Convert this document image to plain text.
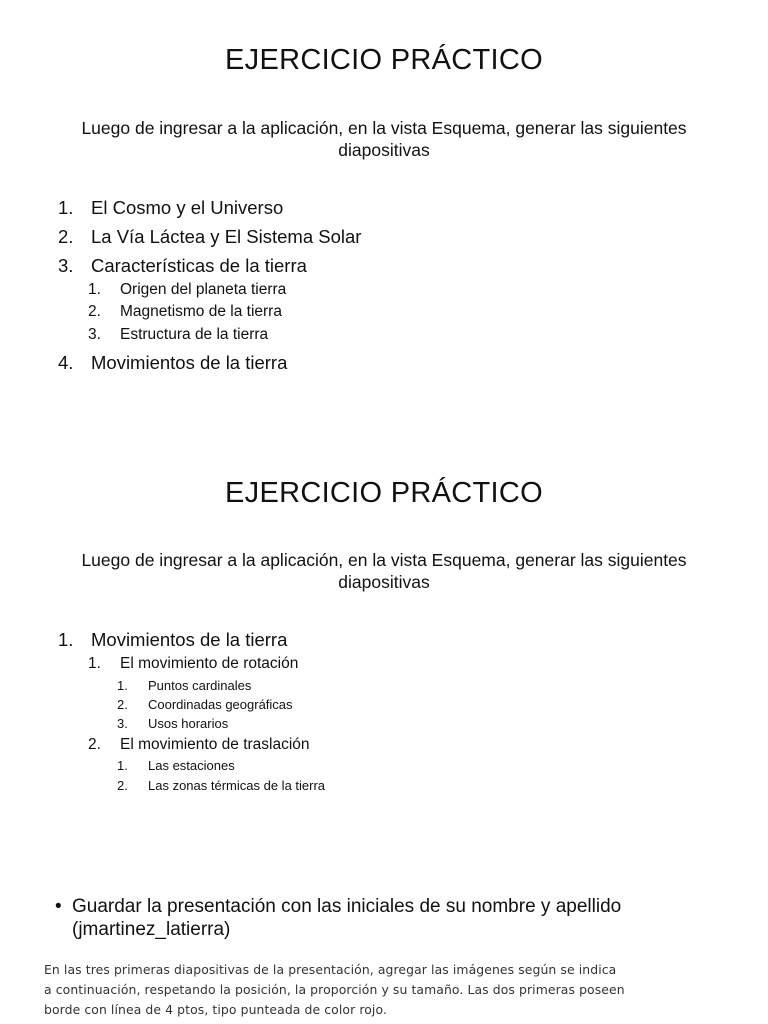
EJERCICIO PRÁCTICO

Luego de ingresar a la aplicación, en la vista Esquema, generar las siguientes diapositivas

1. El Cosmo y el Universo
2. La Vía Láctea y El Sistema Solar
3. Características de la tierra
1. Origen del planeta tierra
2. Magnetismo de la tierra
3. Estructura de la tierra
4. Movimientos de la tierra
EJERCICIO PRÁCTICO

Luego de ingresar a la aplicación, en la vista Esquema, generar las siguientes diapositivas

1. Movimientos de la tierra
1. El movimiento de rotación
1. Puntos cardinales
2. Coordinadas geográficas
3. Usos horarios
2. El movimiento de traslación
1. Las estaciones
2. Las zonas térmicas de la tierra
• Guardar la presentación con las iniciales de su nombre y apellido (jmartinez_latierra)

En las tres primeras diapositivas de la presentación, agregar las imágenes según se indica
a continuación, respetando la posición, la proporción y su tamaño. Las dos primeras poseen
borde con línea de 4 ptos, tipo punteada de color rojo.
